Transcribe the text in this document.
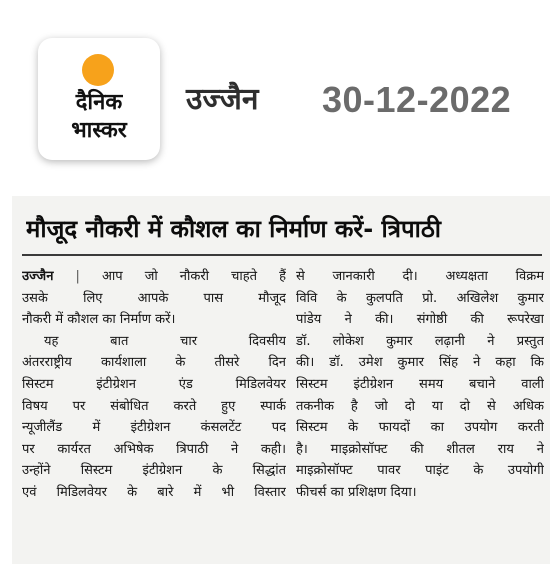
दैनिक
भास्कर
उज्जैन 30-12-2022
मौजूद नौकरी में कौशल का निर्माण करें- त्रिपाठी
उज्जैन | आप जो नौकरी चाहते हैं
उसके लिए आपके पास मौजूद
नौकरी में कौशल का निर्माण करें।
यह बात चार दिवसीय
अंतरराष्ट्रीय कार्यशाला के तीसरे दिन
सिस्टम इंटीग्रेशन एंड मिडिलवेयर
विषय पर संबोधित करते हुए स्पार्क
न्यूजीलैंड में इंटीग्रेशन कंसलटेंट पद
पर कार्यरत अभिषेक त्रिपाठी ने कही।
उन्होंने सिस्टम इंटीग्रेशन के सिद्धांत
एवं मिडिलवेयर के बारे में भी विस्तार
से जानकारी दी। अध्यक्षता विक्रम
विवि के कुलपति प्रो. अखिलेश कुमार
पांडेय ने की। संगोष्ठी की रूपरेखा
डॉ. लोकेश कुमार लढ़ानी ने प्रस्तुत
की। डॉ. उमेश कुमार सिंह ने कहा कि
सिस्टम इंटीग्रेशन समय बचाने वाली
तकनीक है जो दो या दो से अधिक
सिस्टम के फायदों का उपयोग करती
है। माइक्रोसॉफ्ट की शीतल राय ने
माइक्रोसॉफ्ट पावर पाइंट के उपयोगी
फीचर्स का प्रशिक्षण दिया।
